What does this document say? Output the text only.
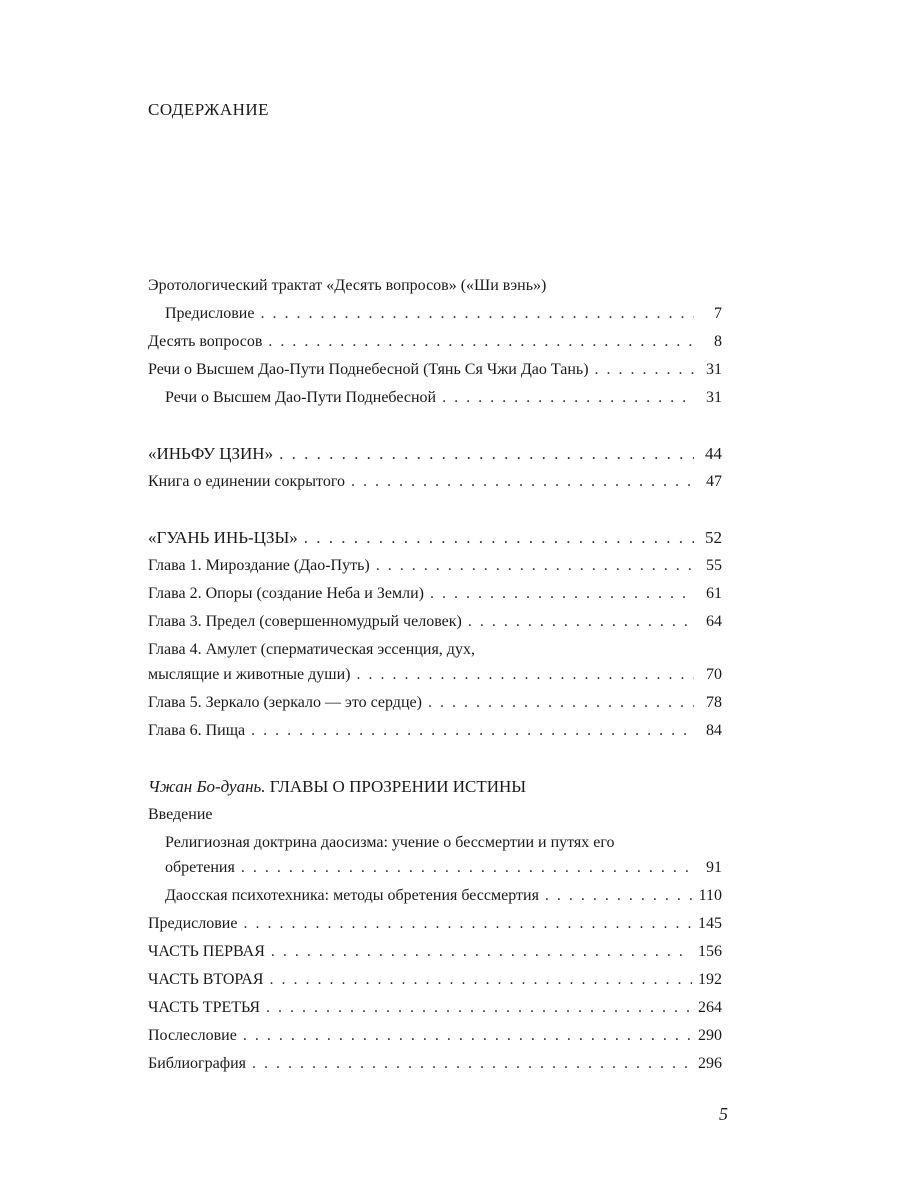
СОДЕРЖАНИЕ
Эротологический трактат «Десять вопросов» («Ши вэнь»)
Предисловие . . .	7
Десять вопросов . . .	8
Речи о Высшем Дао-Пути Поднебесной (Тянь Ся Чжи Дао Тань) . . .	31
Речи о Высшем Дао-Пути Поднебесной . . .	31
«ИНЬФУ ЦЗИН» . . .	44
Книга о единении сокрытого . . .	47
«ГУАНЬ ИНЬ-ЦЗЫ» . . .	52
Глава 1. Мироздание (Дао-Путь) . . .	55
Глава 2. Опоры (создание Неба и Земли) . . .	61
Глава 3. Предел (совершенномудрый человек) . . .	64
Глава 4. Амулет (сперматическая эссенция, дух,
мыслящие и животные души) . . .	70
Глава 5. Зеркало (зеркало — это сердце) . . .	78
Глава 6. Пища . . .	84
Чжан Бо-дуань. ГЛАВЫ О ПРОЗРЕНИИ ИСТИНЫ
Введение
Религиозная доктрина даосизма: учение о бессмертии и путях его
обретения . . .	91
Даосская психотехника: методы обретения бессмертия . . .	110
Предисловие . . .	145
ЧАСТЬ ПЕРВАЯ . . .	156
ЧАСТЬ ВТОРАЯ . . .	192
ЧАСТЬ ТРЕТЬЯ . . .	264
Послесловие . . .	290
Библиография . . .	296
5
